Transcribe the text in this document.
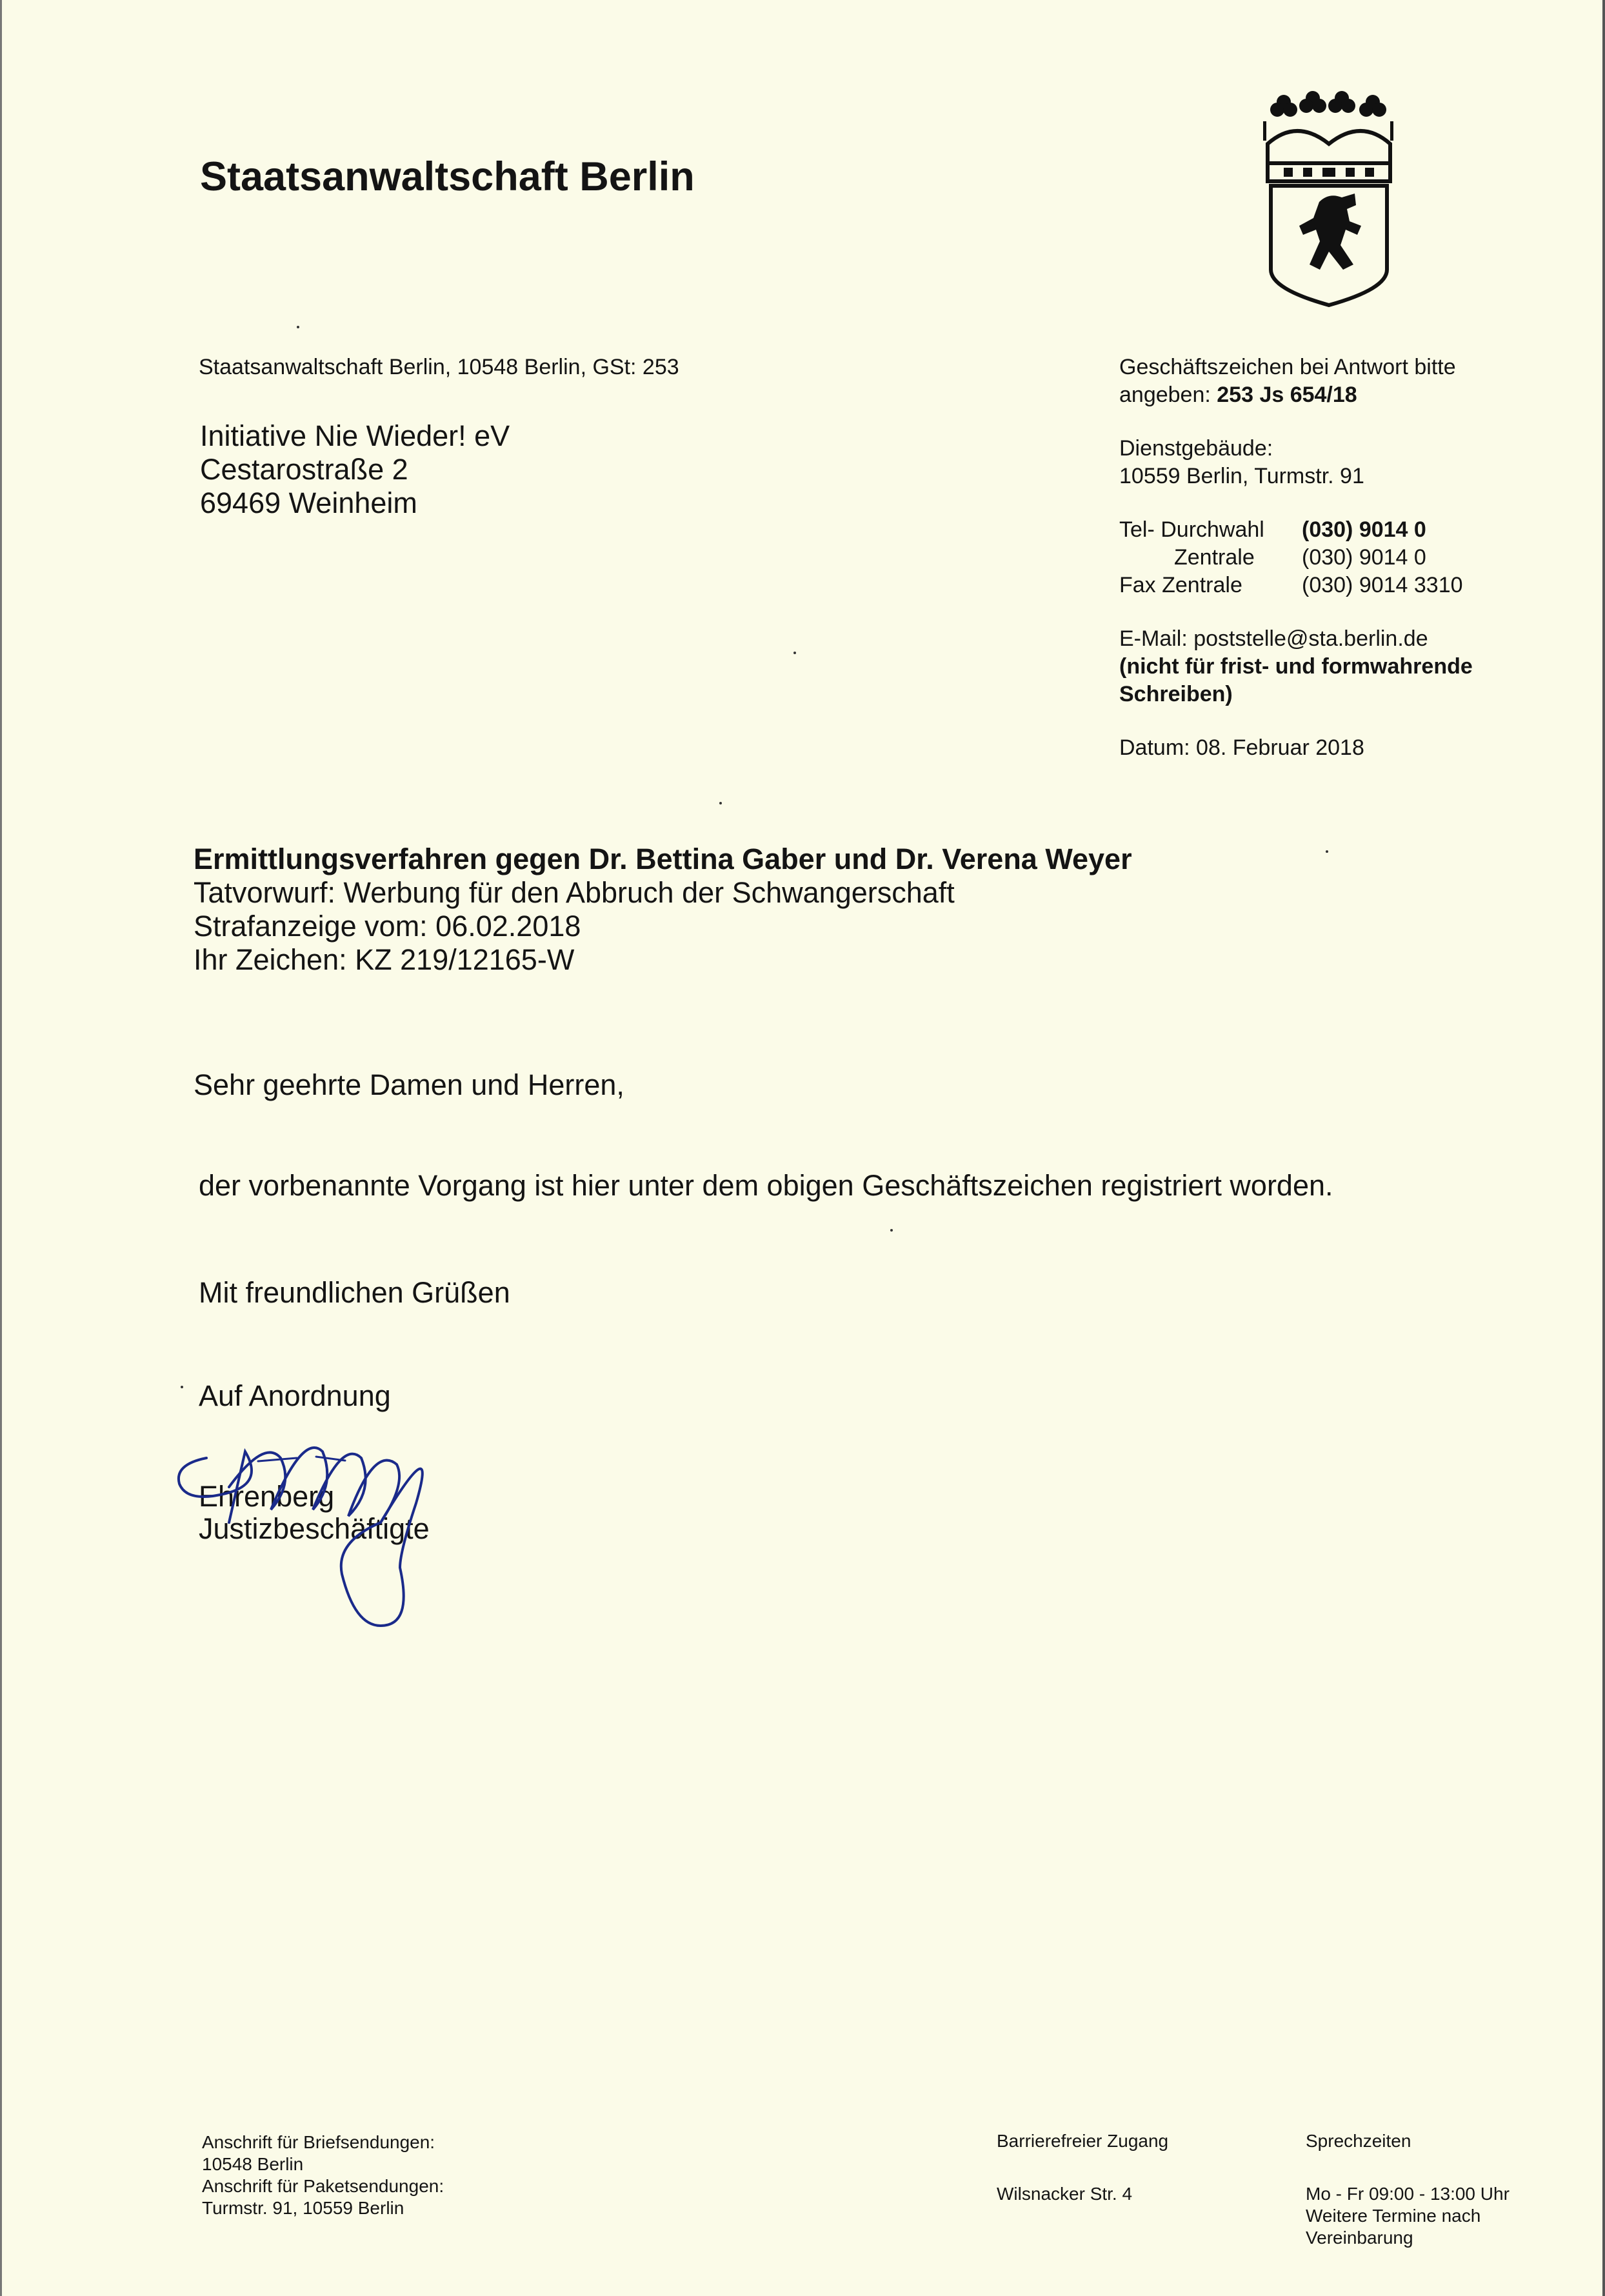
Staatsanwaltschaft Berlin
Staatsanwaltschaft Berlin, 10548 Berlin, GSt: 253
Initiative Nie Wieder! eV
Cestarostraße 2
69469 Weinheim
Geschäftszeichen bei Antwort bitte
angeben: 253 Js 654/18
Dienstgebäude:
10559 Berlin, Turmstr. 91
Tel- Durchwahl	(030) 9014 0
Zentrale	(030) 9014 0
Fax Zentrale	(030) 9014 3310
E-Mail: poststelle@sta.berlin.de
(nicht für frist- und formwahrende
Schreiben)
Datum: 08. Februar 2018
Ermittlungsverfahren gegen Dr. Bettina Gaber und Dr. Verena Weyer
Tatvorwurf: Werbung für den Abbruch der Schwangerschaft
Strafanzeige vom: 06.02.2018
Ihr Zeichen: KZ 219/12165-W
Sehr geehrte Damen und Herren,
der vorbenannte Vorgang ist hier unter dem obigen Geschäftszeichen registriert worden.
Mit freundlichen Grüßen
Auf Anordnung
Ehrenberg
Justizbeschäftigte
Anschrift für Briefsendungen:
10548 Berlin
Anschrift für Paketsendungen:
Turmstr. 91, 10559 Berlin
Barrierefreier Zugang
Wilsnacker Str. 4
Sprechzeiten
Mo - Fr 09:00 - 13:00 Uhr
Weitere Termine nach
Vereinbarung
